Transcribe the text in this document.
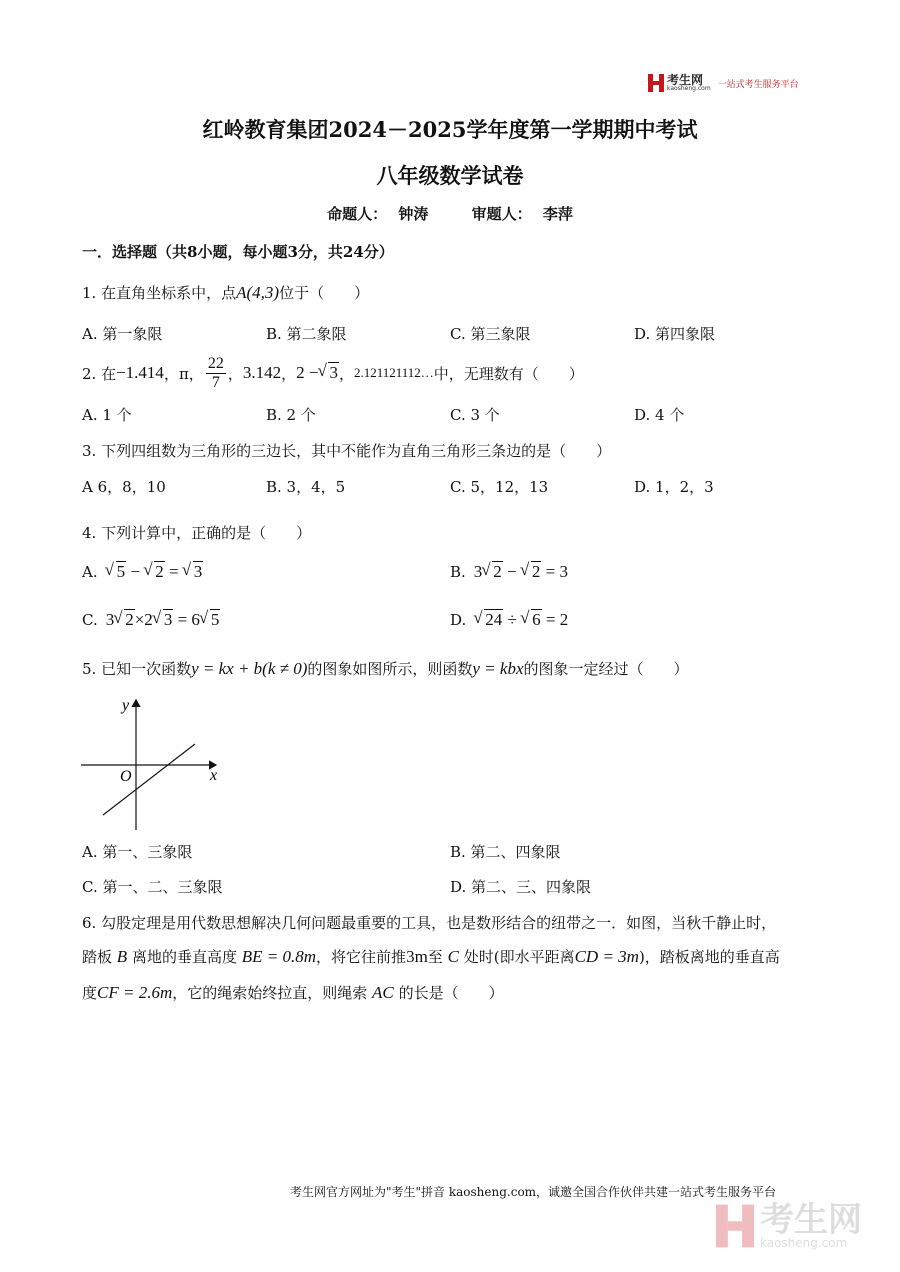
考生网
kaosheng.com 一站式考生服务平台
红岭教育集团2024－2025学年度第一学期期中考试
八年级数学试卷
命题人： 钟涛	审题人： 李萍
一．选择题（共8小题，每小题3分，共24分）
1. 在直角坐标系中，点A(4,3)位于（　　）
A. 第一象限	B. 第二象限	C. 第三象限	D. 第四象限
2. 在 −1.414 ， π， $\frac{22}{7}$ ， 3.142 ， 2 − √ 3 ， 2.121121112… 中，无理数有（　　）
A. 1 个	B. 2 个	C. 3 个	D. 4 个
3. 下列四组数为三角形的三边长，其中不能作为直角三角形三条边的是（　　）
A 6，8，10	B. 3，4，5	C. 5，12，13	D. 1，2，3
4. 下列计算中，正确的是（　　）
A.	√ 5 − √ 2 = √ 3	B. 3 √ 2 − √ 2 = 3
C. 3 √ 2×2 √ 3 = 6 √ 5	D.	√ 24 ÷ √ 6 = 2
5. 已知一次函数y = kx + b(k ≠ 0)的图象如图所示，则函数y = kbx的图象一定经过（　　）
x
y
O
A. 第一、三象限	B. 第二、四象限
C. 第一、二、三象限	D. 第二、三、四象限
6. 勾股定理是用代数思想解决几何问题最重要的工具，也是数形结合的纽带之一．如图，当秋千静止时，
踏板 B 离地的垂直高度 BE = 0.8m，将它往前推3m至 C 处时(即水平距离CD = 3m)，踏板离地的垂直高
度CF = 2.6m，它的绳索始终拉直，则绳索 AC 的长是（　　）
考生网官方网址为"考生"拼音 kaosheng.com，诚邀全国合作伙伴共建一站式考生服务平台
考生网
kaosheng.com
